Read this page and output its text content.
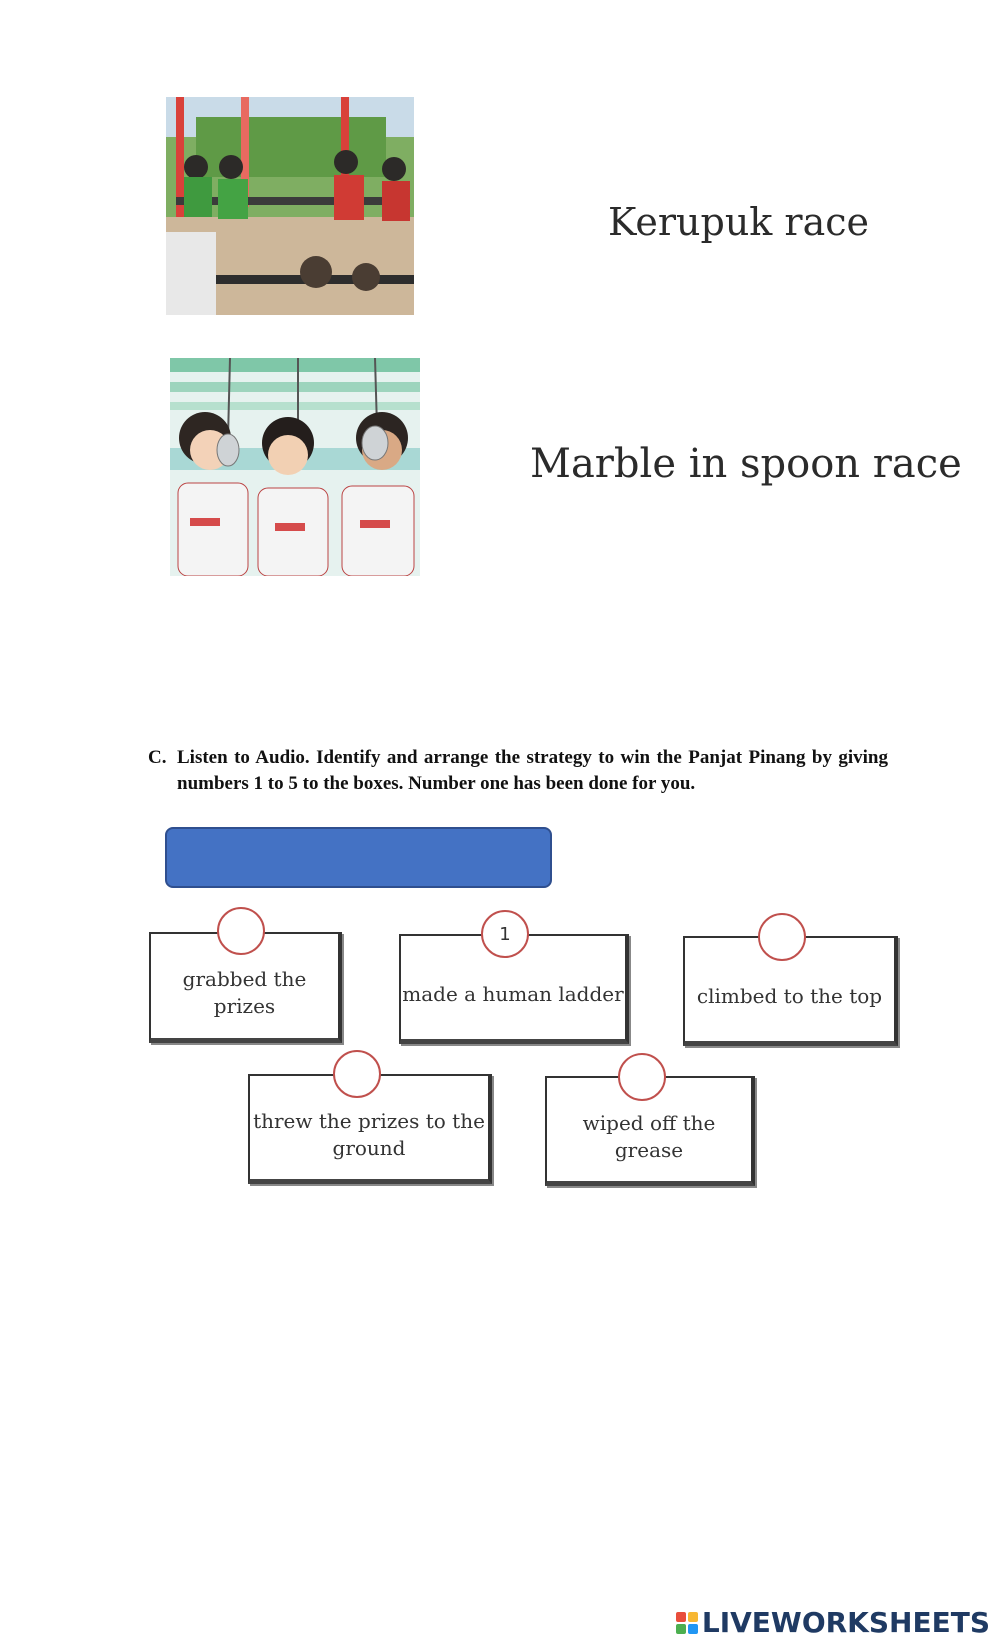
Kerupuk race
Marble in spoon race
C. Listen to Audio. Identify and arrange the strategy to win the Panjat Pinang by giving numbers 1 to 5 to the boxes. Number one has been done for you.
grabbed the prizes	made a human ladder
1
climbed to the top
threw the prizes to the ground
wiped off the grease
LIVEWORKSHEETS
